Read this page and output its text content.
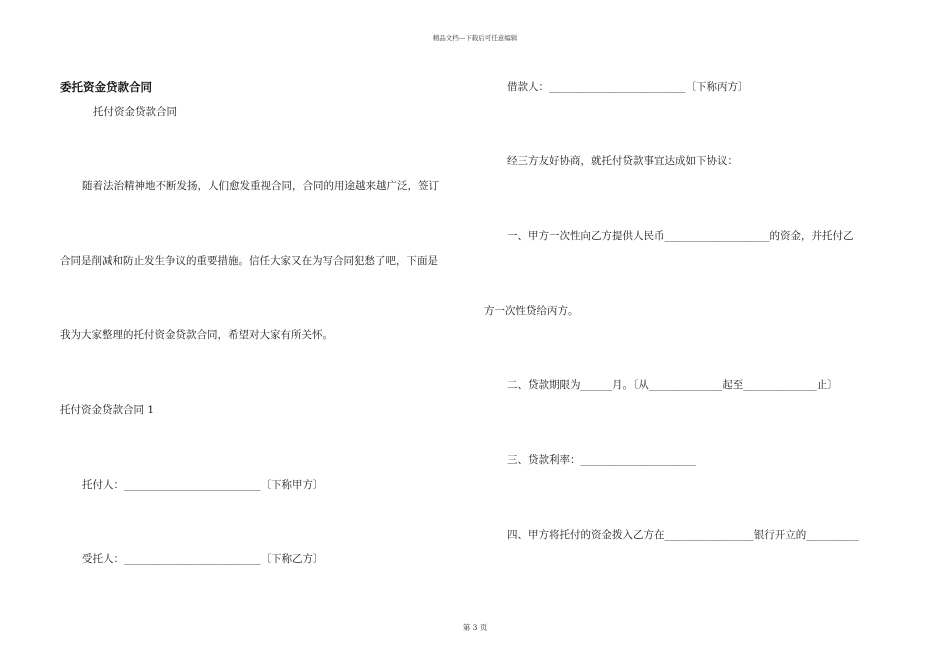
精品文档---下载后可任意编辑
委托资金贷款合同
托付资金贷款合同
随着法治精神地不断发扬，人们愈发重视合同，合同的用途越来越广泛，签订
合同是削减和防止发生争议的重要措施。信任大家又在为写合同犯愁了吧，下面是
我为大家整理的托付资金贷款合同，希望对大家有所关怀。
托付资金贷款合同 1
托付人：__________________________〔下称甲方〕
受托人：__________________________〔下称乙方〕
借款人：__________________________〔下称丙方〕
经三方友好协商，就托付贷款事宜达成如下协议：
一、甲方一次性向乙方提供人民币____________________的资金，并托付乙
方一次性贷给丙方。
二、贷款期限为______月。〔从______________起至______________止〕
三、贷款利率：______________________
四、甲方将托付的资金拨入乙方在_________________银行开立的__________
第 3 页
